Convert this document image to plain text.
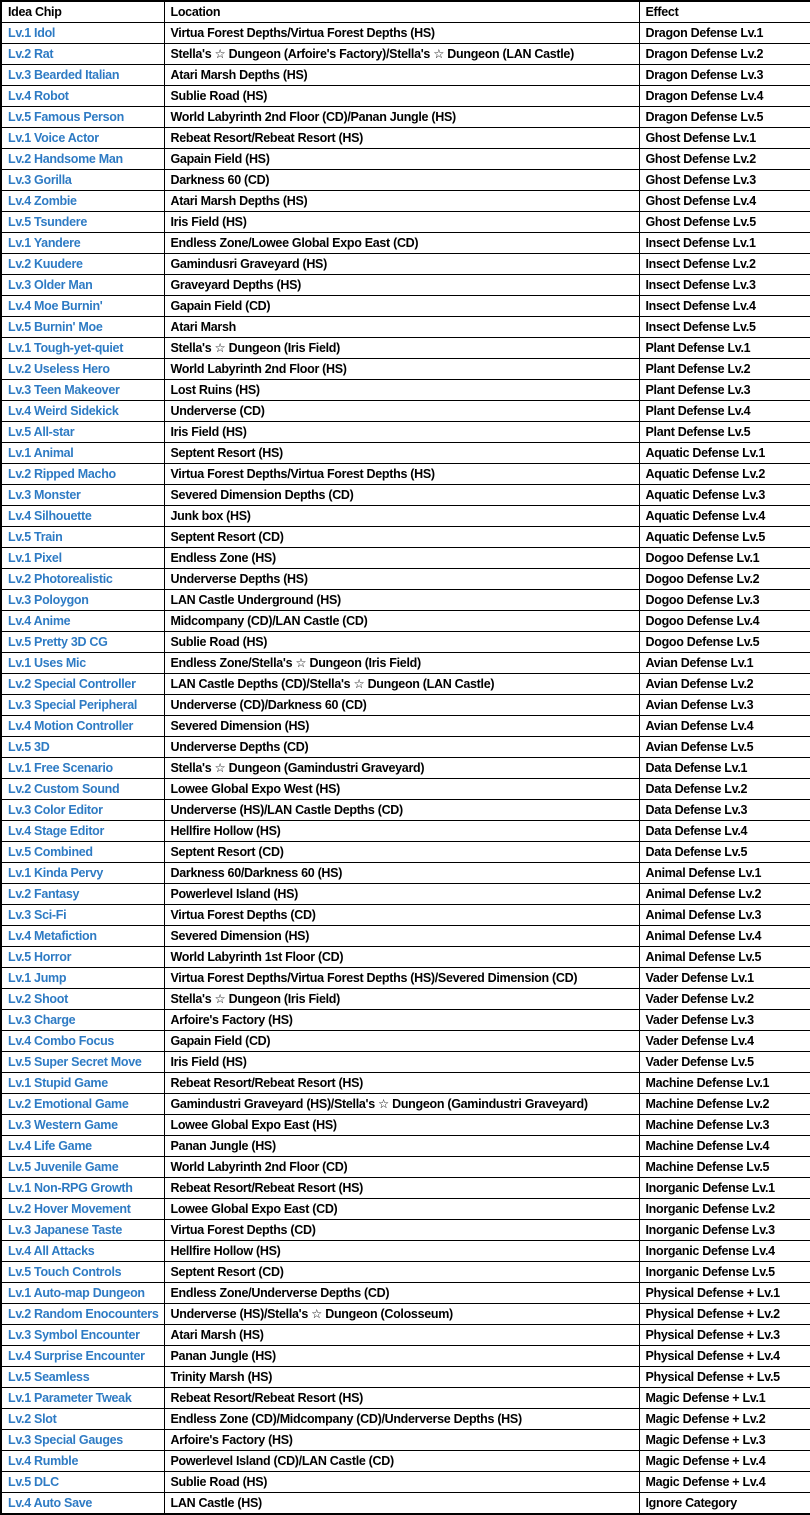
Idea Chip	Location	Effect
Lv.1 Idol	Virtua Forest Depths/Virtua Forest Depths (HS)	Dragon Defense Lv.1
Lv.2 Rat	Stella's ☆ Dungeon (Arfoire's Factory)/Stella's ☆ Dungeon (LAN Castle)	Dragon Defense Lv.2
Lv.3 Bearded Italian	Atari Marsh Depths (HS)	Dragon Defense Lv.3
Lv.4 Robot	Sublie Road (HS)	Dragon Defense Lv.4
Lv.5 Famous Person	World Labyrinth 2nd Floor (CD)/Panan Jungle (HS)	Dragon Defense Lv.5
Lv.1 Voice Actor	Rebeat Resort/Rebeat Resort (HS)	Ghost Defense Lv.1
Lv.2 Handsome Man	Gapain Field (HS)	Ghost Defense Lv.2
Lv.3 Gorilla	Darkness 60 (CD)	Ghost Defense Lv.3
Lv.4 Zombie	Atari Marsh Depths (HS)	Ghost Defense Lv.4
Lv.5 Tsundere	Iris Field (HS)	Ghost Defense Lv.5
Lv.1 Yandere	Endless Zone/Lowee Global Expo East (CD)	Insect Defense Lv.1
Lv.2 Kuudere	Gamindusri Graveyard (HS)	Insect Defense Lv.2
Lv.3 Older Man	Graveyard Depths (HS)	Insect Defense Lv.3
Lv.4 Moe Burnin'	Gapain Field (CD)	Insect Defense Lv.4
Lv.5 Burnin' Moe	Atari Marsh	Insect Defense Lv.5
Lv.1 Tough-yet-quiet	Stella's ☆ Dungeon (Iris Field)	Plant Defense Lv.1
Lv.2 Useless Hero	World Labyrinth 2nd Floor (HS)	Plant Defense Lv.2
Lv.3 Teen Makeover	Lost Ruins (HS)	Plant Defense Lv.3
Lv.4 Weird Sidekick	Underverse (CD)	Plant Defense Lv.4
Lv.5 All-star	Iris Field (HS)	Plant Defense Lv.5
Lv.1 Animal	Septent Resort (HS)	Aquatic Defense Lv.1
Lv.2 Ripped Macho	Virtua Forest Depths/Virtua Forest Depths (HS)	Aquatic Defense Lv.2
Lv.3 Monster	Severed Dimension Depths (CD)	Aquatic Defense Lv.3
Lv.4 Silhouette	Junk box (HS)	Aquatic Defense Lv.4
Lv.5 Train	Septent Resort (CD)	Aquatic Defense Lv.5
Lv.1 Pixel	Endless Zone (HS)	Dogoo Defense Lv.1
Lv.2 Photorealistic	Underverse Depths (HS)	Dogoo Defense Lv.2
Lv.3 Poloygon	LAN Castle Underground (HS)	Dogoo Defense Lv.3
Lv.4 Anime	Midcompany (CD)/LAN Castle (CD)	Dogoo Defense Lv.4
Lv.5 Pretty 3D CG	Sublie Road (HS)	Dogoo Defense Lv.5
Lv.1 Uses Mic	Endless Zone/Stella's ☆ Dungeon (Iris Field)	Avian Defense Lv.1
Lv.2 Special Controller	LAN Castle Depths (CD)/Stella's ☆ Dungeon (LAN Castle)	Avian Defense Lv.2
Lv.3 Special Peripheral	Underverse (CD)/Darkness 60 (CD)	Avian Defense Lv.3
Lv.4 Motion Controller	Severed Dimension (HS)	Avian Defense Lv.4
Lv.5 3D	Underverse Depths (CD)	Avian Defense Lv.5
Lv.1 Free Scenario	Stella's ☆ Dungeon (Gamindustri Graveyard)	Data Defense Lv.1
Lv.2 Custom Sound	Lowee Global Expo West (HS)	Data Defense Lv.2
Lv.3 Color Editor	Underverse (HS)/LAN Castle Depths (CD)	Data Defense Lv.3
Lv.4 Stage Editor	Hellfire Hollow (HS)	Data Defense Lv.4
Lv.5 Combined	Septent Resort (CD)	Data Defense Lv.5
Lv.1 Kinda Pervy	Darkness 60/Darkness 60 (HS)	Animal Defense Lv.1
Lv.2 Fantasy	Powerlevel Island (HS)	Animal Defense Lv.2
Lv.3 Sci-Fi	Virtua Forest Depths (CD)	Animal Defense Lv.3
Lv.4 Metafiction	Severed Dimension (HS)	Animal Defense Lv.4
Lv.5 Horror	World Labyrinth 1st Floor (CD)	Animal Defense Lv.5
Lv.1 Jump	Virtua Forest Depths/Virtua Forest Depths (HS)/Severed Dimension (CD)	Vader Defense Lv.1
Lv.2 Shoot	Stella's ☆ Dungeon (Iris Field)	Vader Defense Lv.2
Lv.3 Charge	Arfoire's Factory (HS)	Vader Defense Lv.3
Lv.4 Combo Focus	Gapain Field (CD)	Vader Defense Lv.4
Lv.5 Super Secret Move	Iris Field (HS)	Vader Defense Lv.5
Lv.1 Stupid Game	Rebeat Resort/Rebeat Resort (HS)	Machine Defense Lv.1
Lv.2 Emotional Game	Gamindustri Graveyard (HS)/Stella's ☆ Dungeon (Gamindustri Graveyard)	Machine Defense Lv.2
Lv.3 Western Game	Lowee Global Expo East (HS)	Machine Defense Lv.3
Lv.4 Life Game	Panan Jungle (HS)	Machine Defense Lv.4
Lv.5 Juvenile Game	World Labyrinth 2nd Floor (CD)	Machine Defense Lv.5
Lv.1 Non-RPG Growth	Rebeat Resort/Rebeat Resort (HS)	Inorganic Defense Lv.1
Lv.2 Hover Movement	Lowee Global Expo East (CD)	Inorganic Defense Lv.2
Lv.3 Japanese Taste	Virtua Forest Depths (CD)	Inorganic Defense Lv.3
Lv.4 All Attacks	Hellfire Hollow (HS)	Inorganic Defense Lv.4
Lv.5 Touch Controls	Septent Resort (CD)	Inorganic Defense Lv.5
Lv.1 Auto-map Dungeon	Endless Zone/Underverse Depths (CD)	Physical Defense + Lv.1
Lv.2 Random Enocounters	Underverse (HS)/Stella's ☆ Dungeon (Colosseum)	Physical Defense + Lv.2
Lv.3 Symbol Encounter	Atari Marsh (HS)	Physical Defense + Lv.3
Lv.4 Surprise Encounter	Panan Jungle (HS)	Physical Defense + Lv.4
Lv.5 Seamless	Trinity Marsh (HS)	Physical Defense + Lv.5
Lv.1 Parameter Tweak	Rebeat Resort/Rebeat Resort (HS)	Magic Defense + Lv.1
Lv.2 Slot	Endless Zone (CD)/Midcompany (CD)/Underverse Depths (HS)	Magic Defense + Lv.2
Lv.3 Special Gauges	Arfoire's Factory (HS)	Magic Defense + Lv.3
Lv.4 Rumble	Powerlevel Island (CD)/LAN Castle (CD)	Magic Defense + Lv.4
Lv.5 DLC	Sublie Road (HS)	Magic Defense + Lv.4
Lv.4 Auto Save	LAN Castle (HS)	Ignore Category
